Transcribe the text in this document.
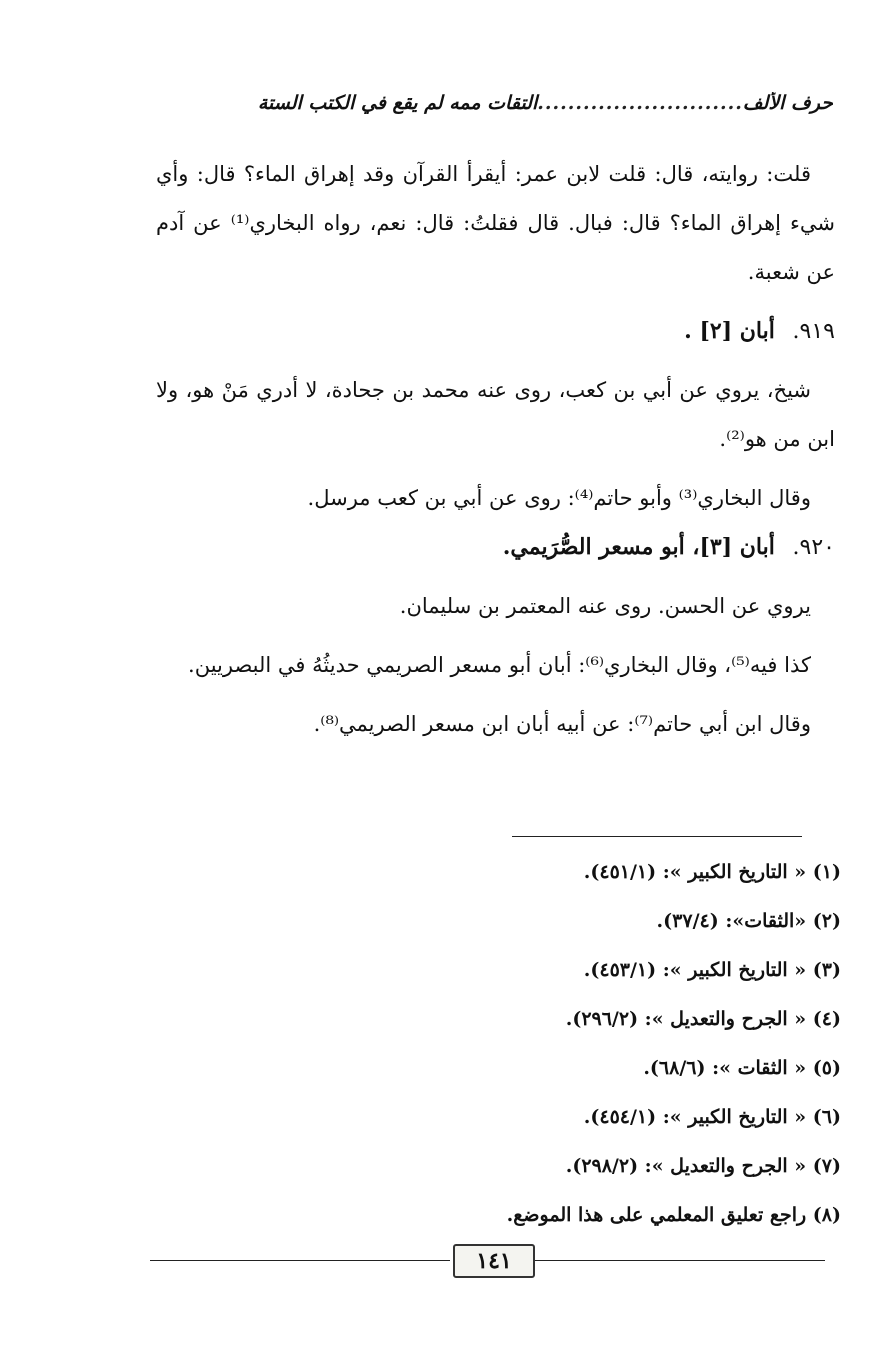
حرف الألف
...........................
التقات ممه لم يقع في الكتب الستة

قلت: روايته، قال: قلت لابن عمر: أيقرأ القرآن وقد إهراق الماء؟ قال: وأي شيء إهراق الماء؟ قال: فبال. قال فقلتُ: قال: نعم، رواه البخاري⁽¹⁾ عن آدم عن شعبة.

٩١٩. أبان [٢] .

شيخ، يروي عن أبي بن كعب، روى عنه محمد بن جحادة، لا أدري مَنْ هو، ولا ابن من هو⁽²⁾.

وقال البخاري⁽³⁾ وأبو حاتم⁽⁴⁾: روى عن أبي بن كعب مرسل.

٩٢٠. أبان [٣]، أبو مسعر الصُّرَيمي.

يروي عن الحسن. روى عنه المعتمر بن سليمان.

كذا فيه⁽⁵⁾، وقال البخاري⁽⁶⁾: أبان أبو مسعر الصريمي حديثُهُ في البصريين.

وقال ابن أبي حاتم⁽⁷⁾: عن أبيه أبان ابن مسعر الصريمي⁽⁸⁾.

(١) « التاريخ الكبير »: (٤٥١/١).
(٢) «الثقات»: (٣٧/٤).
(٣) « التاريخ الكبير »: (٤٥٣/١).
(٤) « الجرح والتعديل »: (٢٩٦/٢).
(٥) « الثقات »: (٦٨/٦).
(٦) « التاريخ الكبير »: (٤٥٤/١).
(٧) « الجرح والتعديل »: (٢٩٨/٢).
(٨) راجع تعليق المعلمي على هذا الموضع.
١٤١
